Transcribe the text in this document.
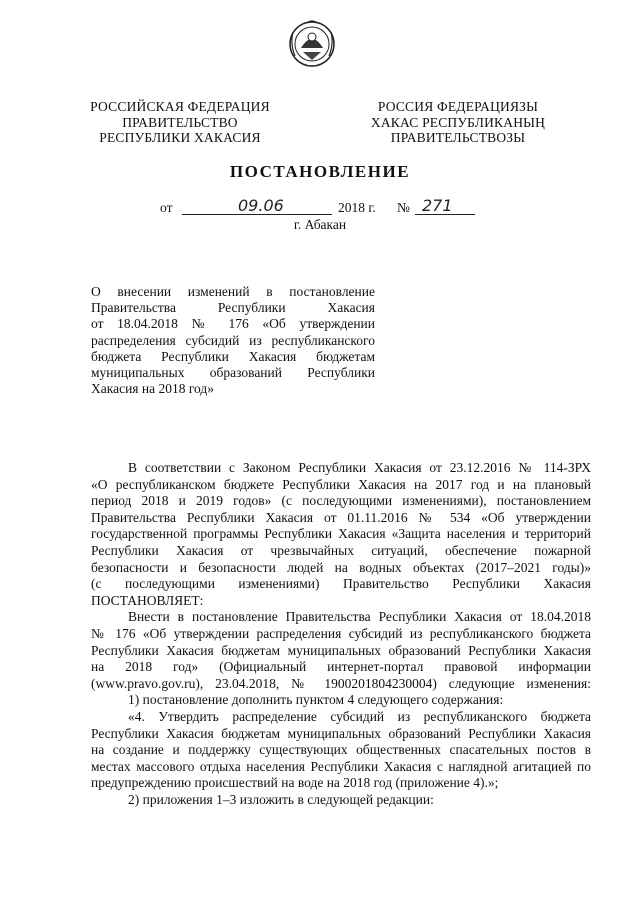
РОССИЙСКАЯ ФЕДЕРАЦИЯ
ПРАВИТЕЛЬСТВО
РЕСПУБЛИКИ ХАКАСИЯ
РОССИЯ ФЕДЕРАЦИЯЗЫ
ХАКАС РЕСПУБЛИКАНЫҢ
ПРАВИТЕЛЬСТВОЗЫ
ПОСТАНОВЛЕНИЕ
от	09.06	2018 г. № 271
г. Абакан
О внесении изменений в постановление
Правительства Республики Хакасия
от 18.04.2018 № 176 «Об утверждении
распределения субсидий из республиканского
бюджета Республики Хакасия бюджетам
муниципальных образований Республики
Хакасия на 2018 год»
В соответствии с Законом Республики Хакасия от 23.12.2016 № 114-ЗРХ
«О республиканском бюджете Республики Хакасия на 2017 год и на плановый
период 2018 и 2019 годов» (с последующими изменениями), постановлением
Правительства Республики Хакасия от 01.11.2016 № 534 «Об утверждении
государственной программы Республики Хакасия «Защита населения и территорий
Республики Хакасия от чрезвычайных ситуаций, обеспечение пожарной
безопасности и безопасности людей на водных объектах (2017–2021 годы)»
(с последующими изменениями) Правительство Республики Хакасия
ПОСТАНОВЛЯЕТ:
Внести в постановление Правительства Республики Хакасия от 18.04.2018
№ 176 «Об утверждении распределения субсидий из республиканского бюджета
Республики Хакасия бюджетам муниципальных образований Республики Хакасия
на 2018 год» (Официальный интернет-портал правовой информации
(www.pravo.gov.ru), 23.04.2018, № 1900201804230004) следующие изменения:
1) постановление дополнить пунктом 4 следующего содержания:
«4. Утвердить распределение субсидий из республиканского бюджета
Республики Хакасия бюджетам муниципальных образований Республики Хакасия
на создание и поддержку существующих общественных спасательных постов в
местах массового отдыха населения Республики Хакасия с наглядной агитацией по
предупреждению происшествий на воде на 2018 год (приложение 4).»;
2) приложения 1–3 изложить в следующей редакции:
